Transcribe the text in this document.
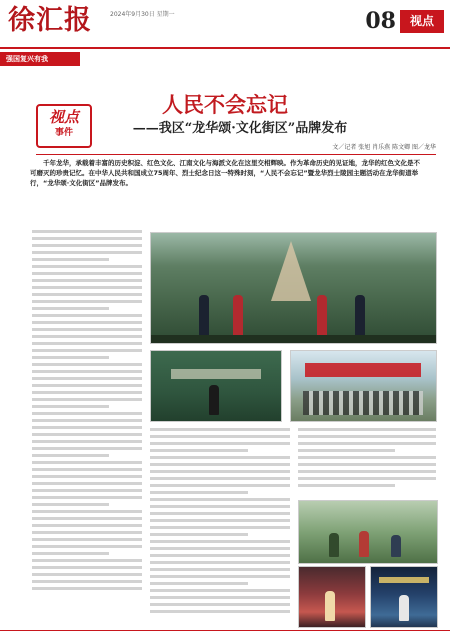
徐汇报	2024年9月30日 星期一	08	视点
强国复兴有我
视点
事件
人民不会忘记
——我区“龙华颂·文化街区”品牌发布
文／记者 张旭 肖乐燕 陈文卿 图／龙华
千年龙华，承载着丰富的历史积淀、红色文化、江南文化与海派文化在这里交相辉映。作为革命历史的见证地，龙华的红色文化是不可磨灭的珍贵记忆。在中华人民共和国成立75周年、烈士纪念日这一特殊时刻，“人民不会忘记”暨龙华烈士陵园主题活动在龙华街道举行，“龙华颂·文化街区”品牌发布。
